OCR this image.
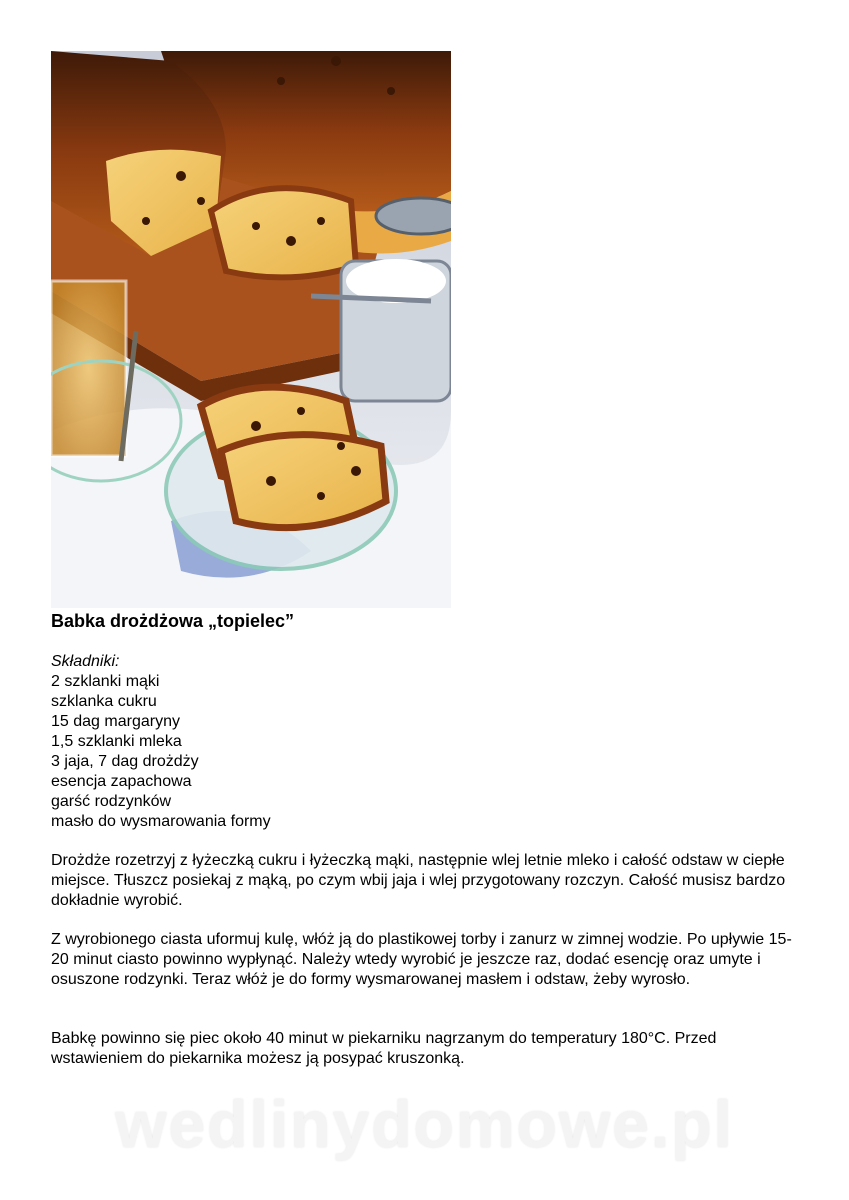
Babka drożdżowa „topielec”
Składniki:
2 szklanki mąki
szklanka cukru
15 dag margaryny
1,5 szklanki mleka
3 jaja, 7 dag drożdży
esencja zapachowa
garść rodzynków
masło do wysmarowania formy

Drożdże rozetrzyj z łyżeczką cukru i łyżeczką mąki, następnie wlej letnie mleko i całość odstaw w ciepłe miejsce. Tłuszcz posiekaj z mąką, po czym wbij jaja i wlej przygotowany rozczyn. Całość musisz bardzo dokładnie wyrobić.

Z wyrobionego ciasta uformuj kulę, włóż ją do plastikowej torby i zanurz w zimnej wodzie. Po upływie 15-20 minut ciasto powinno wypłynąć. Należy wtedy wyrobić je jeszcze raz, dodać esencję oraz umyte i osuszone rodzynki. Teraz włóż je do formy wysmarowanej masłem i odstaw, żeby wyrosło.

Babkę powinno się piec około 40 minut w piekarniku nagrzanym do temperatury 180°C. Przed wstawieniem do piekarnika możesz ją posypać kruszonką.

wedlinydomowe.pl
